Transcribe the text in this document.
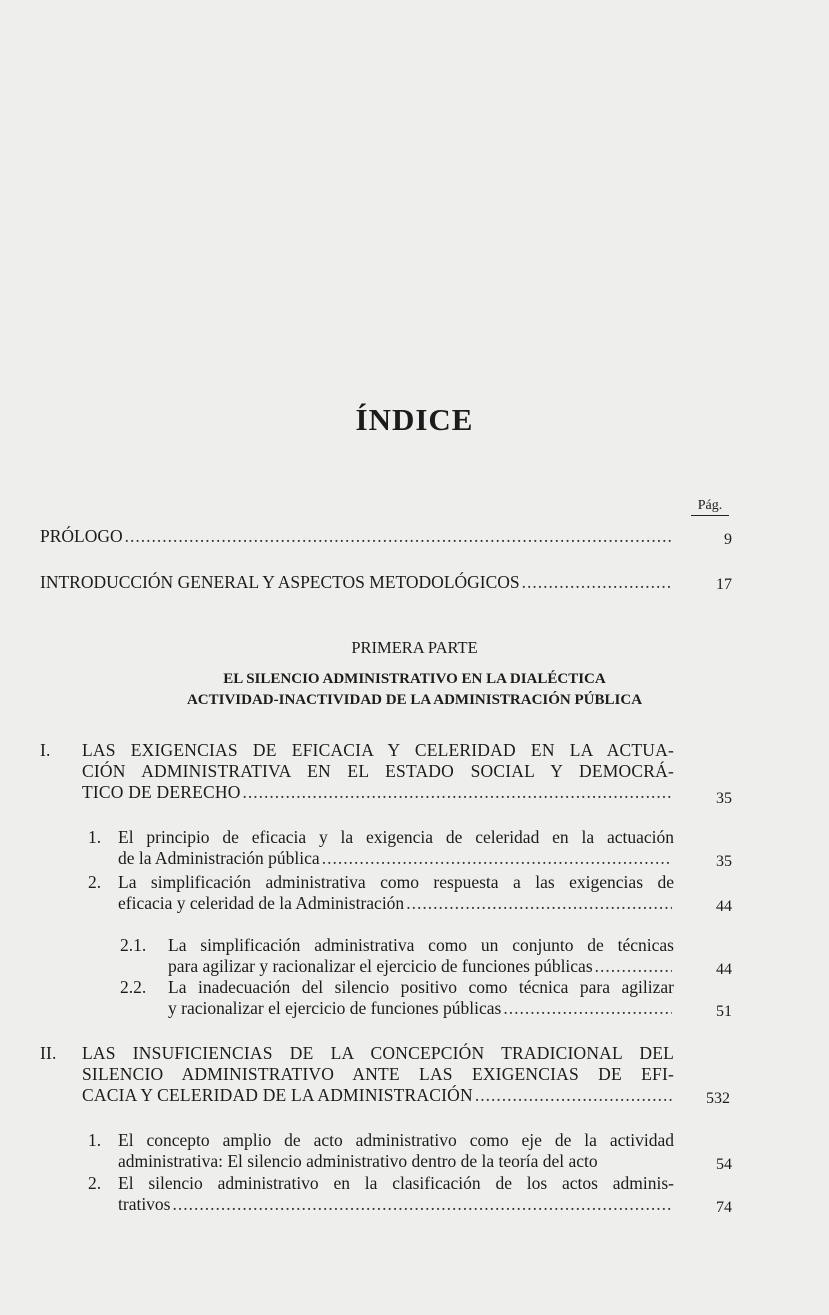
ÍNDICE
Pág.
PRÓLOGO .....	9
INTRODUCCIÓN GENERAL Y ASPECTOS METODOLÓGICOS .....	17
PRIMERA PARTE
EL SILENCIO ADMINISTRATIVO EN LA DIALÉCTICA
ACTIVIDAD-INACTIVIDAD DE LA ADMINISTRACIÓN PÚBLICA
I. LAS EXIGENCIAS DE EFICACIA Y CELERIDAD EN LA ACTUA-
CIÓN ADMINISTRATIVA EN EL ESTADO SOCIAL Y DEMOCRÁ-
TICO DE DERECHO .....	35
1. El principio de eficacia y la exigencia de celeridad en la actuación
de la Administración pública .....	35
2. La simplificación administrativa como respuesta a las exigencias de
eficacia y celeridad de la Administración .....	44
2.1. La simplificación administrativa como un conjunto de técnicas
para agilizar y racionalizar el ejercicio de funciones públicas .....	44
2.2. La inadecuación del silencio positivo como técnica para agilizar
y racionalizar el ejercicio de funciones públicas .....	51
II. LAS INSUFICIENCIAS DE LA CONCEPCIÓN TRADICIONAL DEL
SILENCIO ADMINISTRATIVO ANTE LAS EXIGENCIAS DE EFI-
CACIA Y CELERIDAD DE LA ADMINISTRACIÓN .....	532
1. El concepto amplio de acto administrativo como eje de la actividad
administrativa: El silencio administrativo dentro de la teoría del acto	54
2. El silencio administrativo en la clasificación de los actos adminis-
trativos .....	74
